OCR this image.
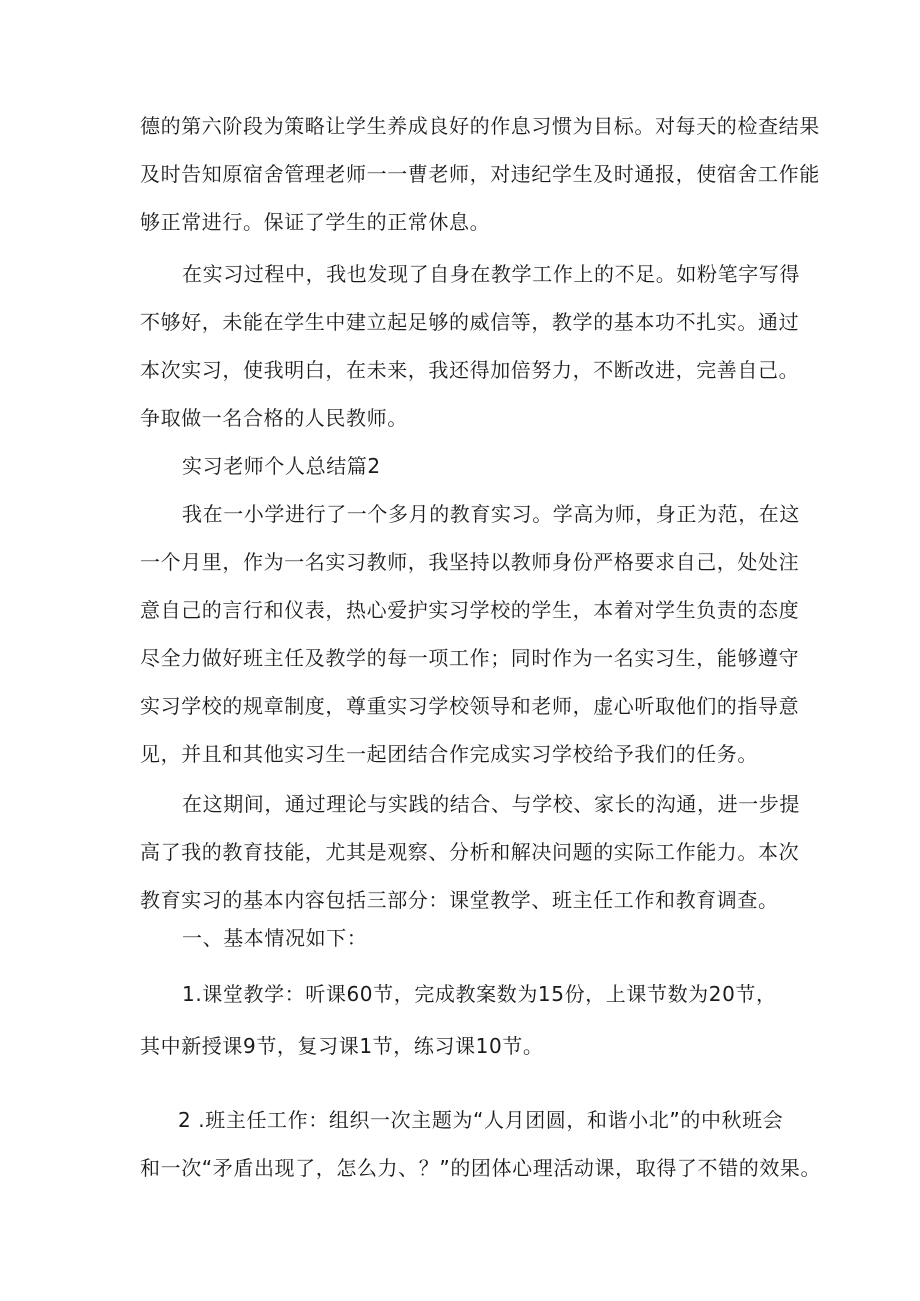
德的第六阶段为策略让学生养成良好的作息习惯为目标。对每天的检查结果
及时告知原宿舍管理老师一一曹老师，对违纪学生及时通报，使宿舍工作能
够正常进行。保证了学生的正常休息。
在实习过程中，我也发现了自身在教学工作上的不足。如粉笔字写得
不够好，未能在学生中建立起足够的威信等，教学的基本功不扎实。通过
本次实习，使我明白，在未来，我还得加倍努力，不断改进，完善自己。
争取做一名合格的人民教师。
实习老师个人总结篇2
我在一小学进行了一个多月的教育实习。学高为师，身正为范，在这
一个月里，作为一名实习教师，我坚持以教师身份严格要求自己，处处注
意自己的言行和仪表，热心爱护实习学校的学生，本着对学生负责的态度
尽全力做好班主任及教学的每一项工作；同时作为一名实习生，能够遵守
实习学校的规章制度，尊重实习学校领导和老师，虚心听取他们的指导意
见，并且和其他实习生一起团结合作完成实习学校给予我们的任务。
在这期间，通过理论与实践的结合、与学校、家长的沟通，进一步提
高了我的教育技能，尤其是观察、分析和解决问题的实际工作能力。本次
教育实习的基本内容包括三部分：课堂教学、班主任工作和教育调查。
一、基本情况如下：
1.课堂教学：听课60节，完成教案数为15份，上课节数为20节，
其中新授课9节，复习课1节，练习课10节。
2 .班主任工作：组织一次主题为“人月团圆，和谐小北”的中秋班会
和一次“矛盾出现了，怎么力、？”的团体心理活动课，取得了不错的效果。
